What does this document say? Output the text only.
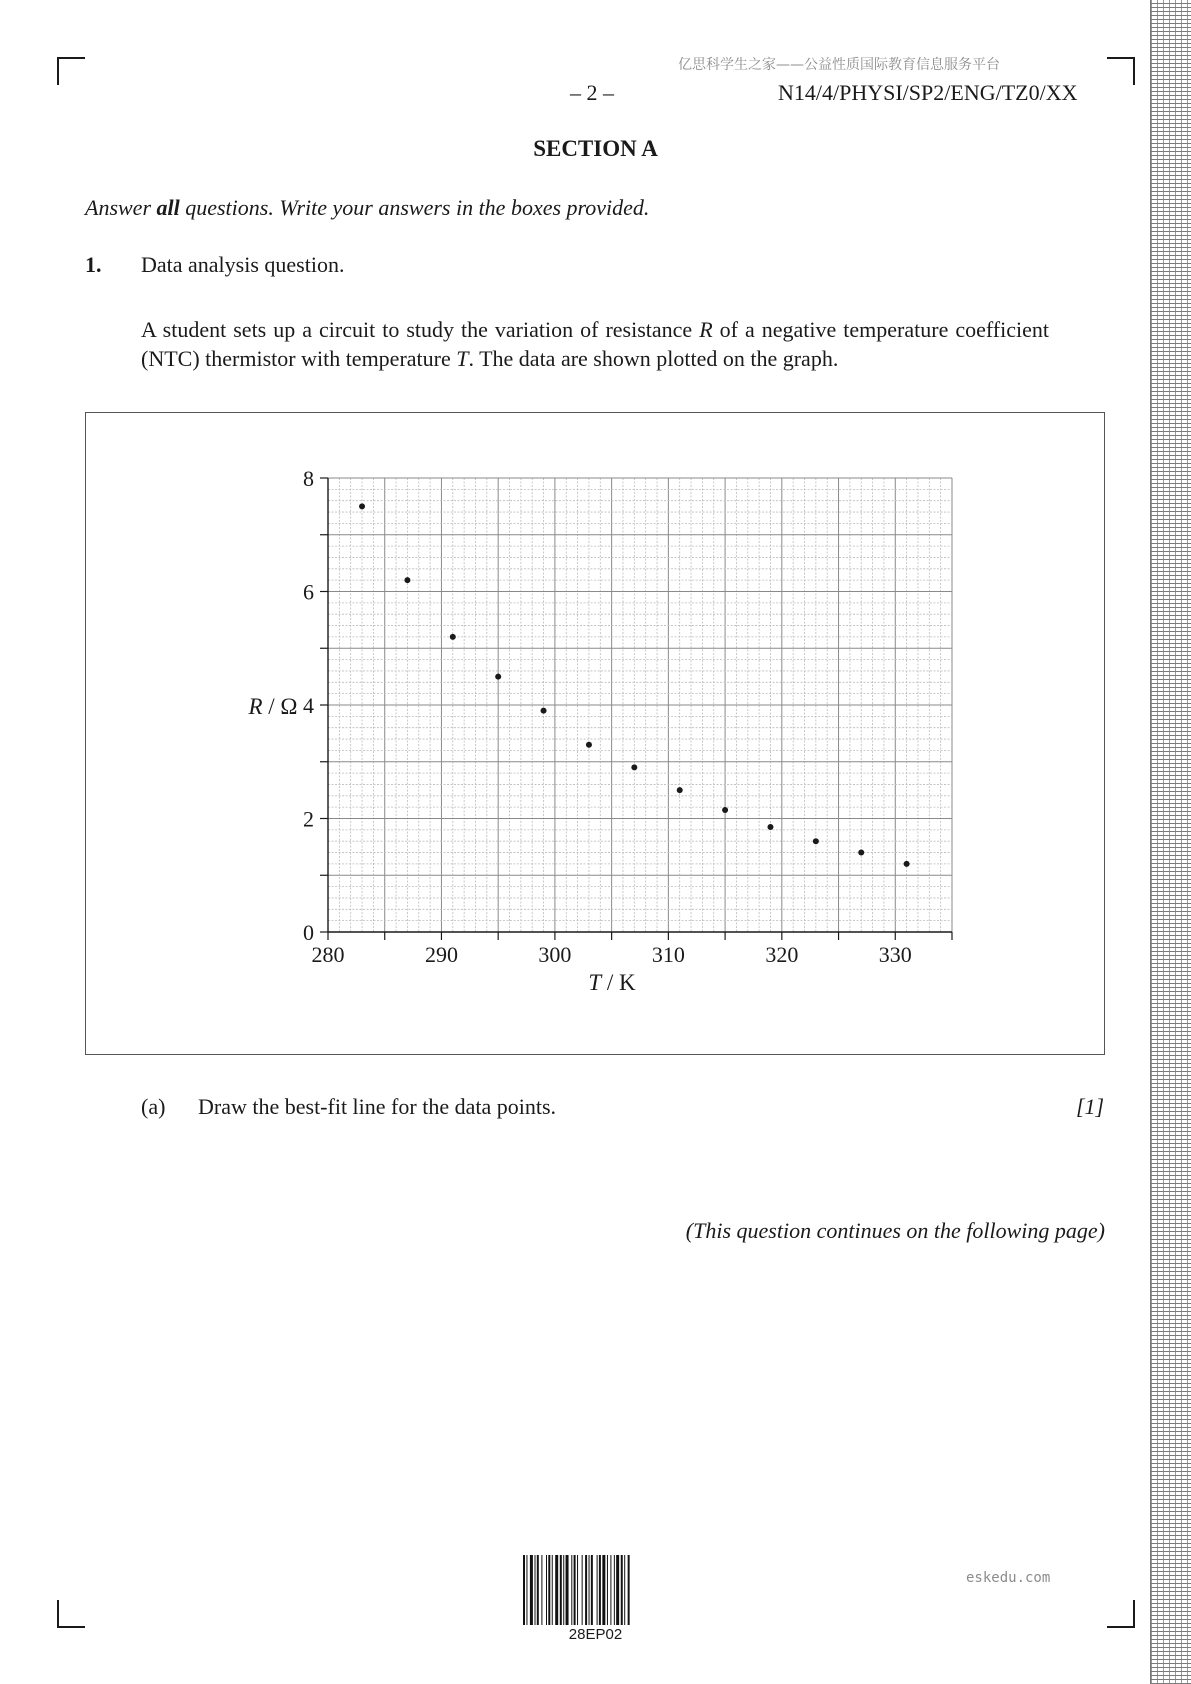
亿思科学生之家——公益性质国际教育信息服务平台
– 2 –	N14/4/PHYSI/SP2/ENG/TZ0/XX
SECTION A
Answer all questions. Write your answers in the boxes provided.
1. Data analysis question.
A student sets up a circuit to study the variation of resistance R of a negative temperature coefficient (NTC) thermistor with temperature T. The data are shown plotted on the graph.
280	290	300	310	320	330
0
2
4
6
8
R / Ω
T / K
(a) Draw the best-fit line for the data points.	[1]
(This question continues on the following page)
28EP02
eskedu.com
